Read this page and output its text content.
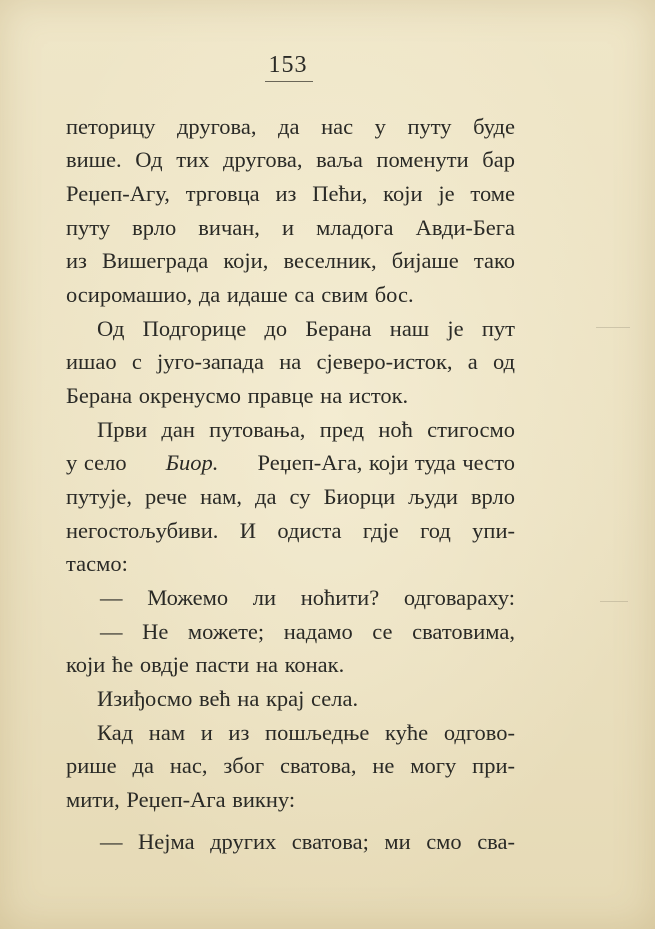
153
петорицу другова, да нас у путу буде
више. Од тих другова, ваља поменути бар
Реџеп-Агу, трговца из Пећи, који је томе
путу врло вичан, и младога Авди-Бега
из Вишеграда који, веселник, бијаше тако
осиромашио, да идаше са свим бос.
Од Подгорице до Берана наш је пут
ишао с југо-запада на сјеверо-исток, а од
Берана окренусмо правце на исток.
Први дан путовања, пред ноћ стигосмо
у село Биор. Реџеп-Ага, који туда често
путује, рече нам, да су Биорци људи врло
негостољубиви. И одиста гдје год упи-
тасмо:
— Можемо ли ноћити? одговараху:
— Не можете; надамо се сватовима,
који ће овдје пасти на конак.
Изиђосмо већ на крај села.
Кад нам и из пошљедње куће одгово-
рише да нас, због сватова, не могу при-
мити, Реџеп-Ага викну:
— Нејма других сватова; ми смо сва-
